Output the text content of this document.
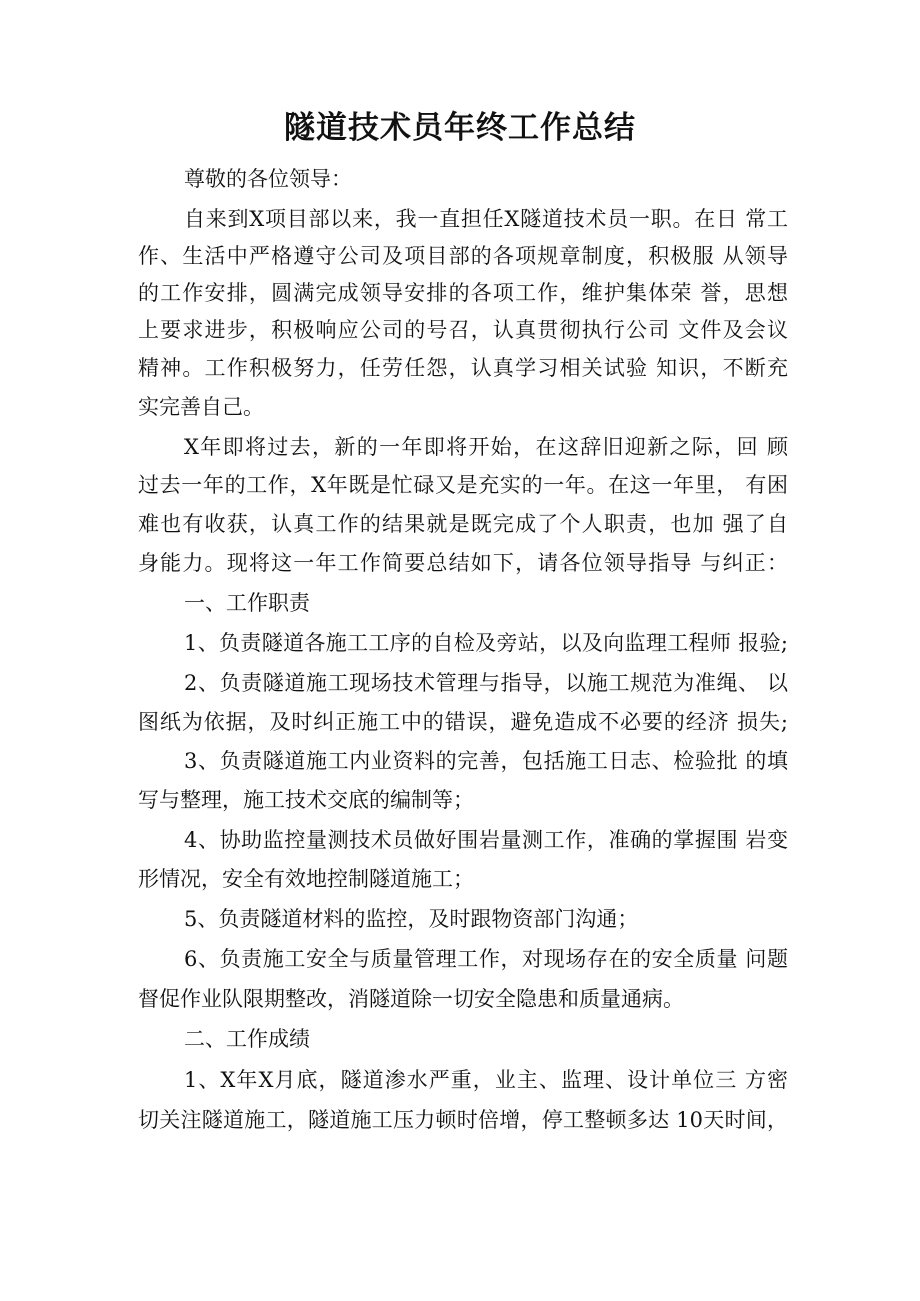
隧道技术员年终工作总结
尊敬的各位领导：
自来到X项目部以来，我一直担任X隧道技术员一职。在日 常工
作、生活中严格遵守公司及项目部的各项规章制度，积极服 从领导
的工作安排，圆满完成领导安排的各项工作，维护集体荣 誉，思想
上要求进步，积极响应公司的号召，认真贯彻执行公司 文件及会议
精神。工作积极努力，任劳任怨，认真学习相关试验 知识，不断充
实完善自己。
X年即将过去，新的一年即将开始，在这辞旧迎新之际，回 顾
过去一年的工作，X年既是忙碌又是充实的一年。在这一年里， 有困
难也有收获，认真工作的结果就是既完成了个人职责，也加 强了自
身能力。现将这一年工作简要总结如下，请各位领导指导 与纠正：
一、工作职责
1、负责隧道各施工工序的自检及旁站，以及向监理工程师 报验;
2、负责隧道施工现场技术管理与指导，以施工规范为准绳、 以
图纸为依据，及时纠正施工中的错误，避免造成不必要的经济 损失;
3、负责隧道施工内业资料的完善，包括施工日志、检验批 的填
写与整理，施工技术交底的编制等；
4、协助监控量测技术员做好围岩量测工作，准确的掌握围 岩变
形情况，安全有效地控制隧道施工；
5、负责隧道材料的监控，及时跟物资部门沟通；
6、负责施工安全与质量管理工作，对现场存在的安全质量 问题
督促作业队限期整改，消隧道除一切安全隐患和质量通病。
二、工作成绩
1、X年X月底，隧道渗水严重，业主、监理、设计单位三 方密
切关注隧道施工，隧道施工压力顿时倍增，停工整顿多达 10天时间，
